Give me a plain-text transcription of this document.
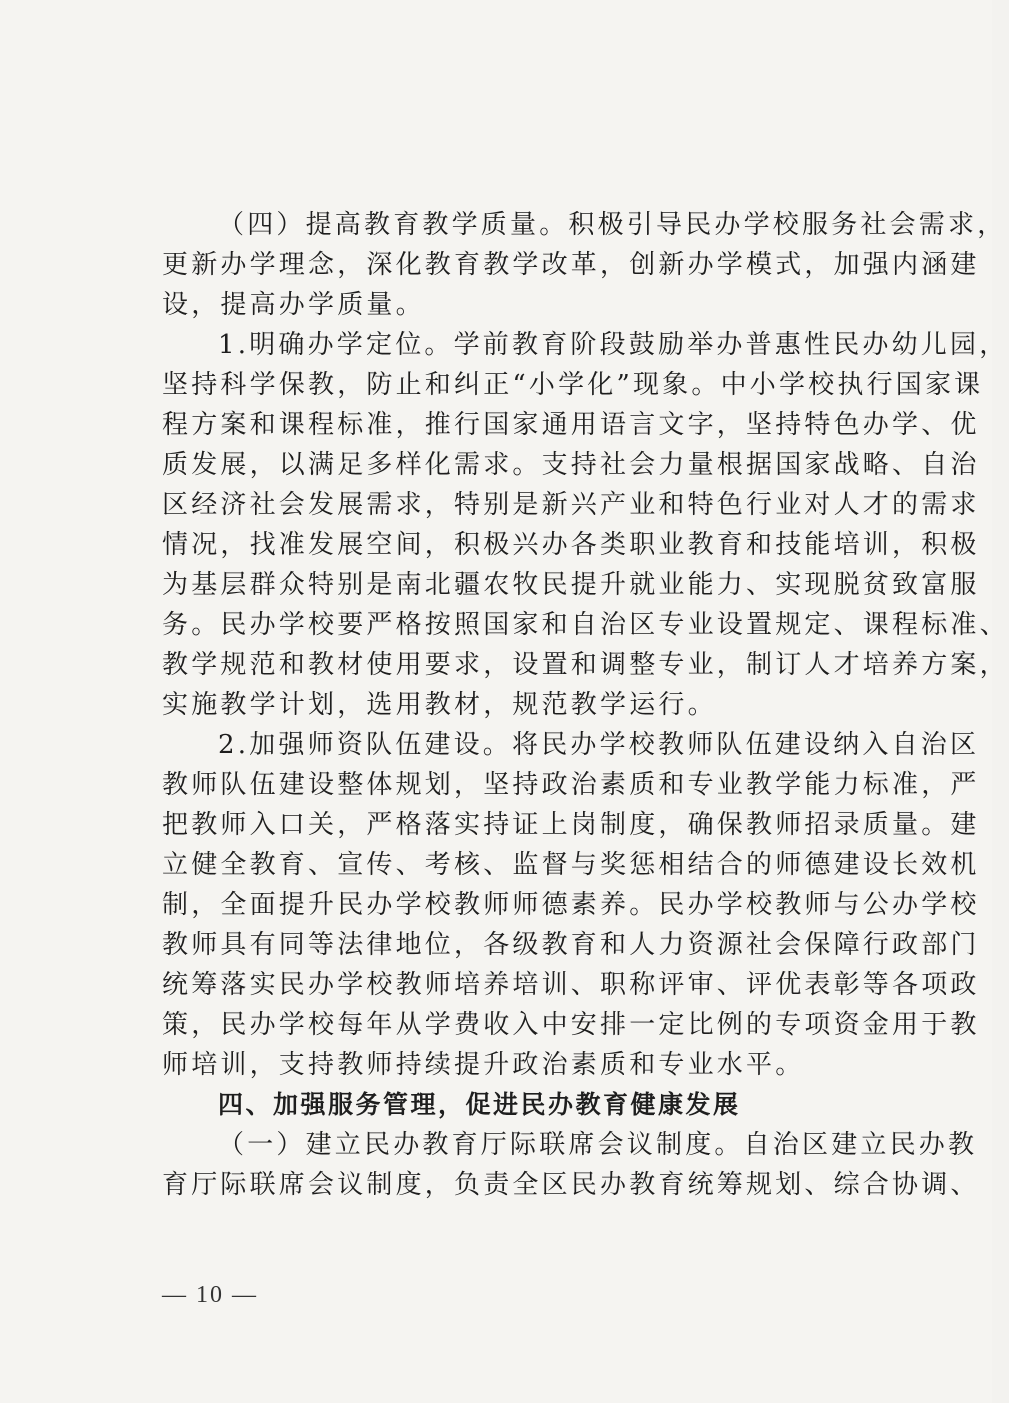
（四）提高教育教学质量。积极引导民办学校服务社会需求，

更新办学理念，深化教育教学改革，创新办学模式，加强内涵建

设，提高办学质量。

1.明确办学定位。学前教育阶段鼓励举办普惠性民办幼儿园，

坚持科学保教，防止和纠正“小学化”现象。中小学校执行国家课

程方案和课程标准，推行国家通用语言文字，坚持特色办学、优

质发展，以满足多样化需求。支持社会力量根据国家战略、自治

区经济社会发展需求，特别是新兴产业和特色行业对人才的需求

情况，找准发展空间，积极兴办各类职业教育和技能培训，积极

为基层群众特别是南北疆农牧民提升就业能力、实现脱贫致富服

务。民办学校要严格按照国家和自治区专业设置规定、课程标准、

教学规范和教材使用要求，设置和调整专业，制订人才培养方案，

实施教学计划，选用教材，规范教学运行。

2.加强师资队伍建设。将民办学校教师队伍建设纳入自治区

教师队伍建设整体规划，坚持政治素质和专业教学能力标准，严

把教师入口关，严格落实持证上岗制度，确保教师招录质量。建

立健全教育、宣传、考核、监督与奖惩相结合的师德建设长效机

制，全面提升民办学校教师师德素养。民办学校教师与公办学校

教师具有同等法律地位，各级教育和人力资源社会保障行政部门

统筹落实民办学校教师培养培训、职称评审、评优表彰等各项政

策，民办学校每年从学费收入中安排一定比例的专项资金用于教

师培训，支持教师持续提升政治素质和专业水平。

四、加强服务管理，促进民办教育健康发展

（一）建立民办教育厅际联席会议制度。自治区建立民办教

育厅际联席会议制度，负责全区民办教育统筹规划、综合协调、

— 10 —
